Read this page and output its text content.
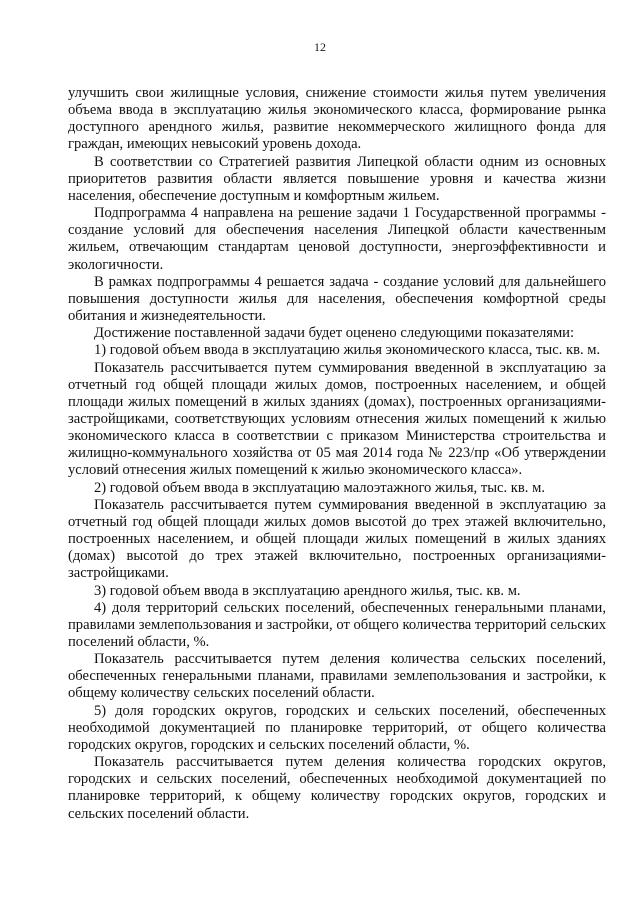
12

улучшить свои жилищные условия, снижение стоимости жилья путем увеличения объема ввода в эксплуатацию жилья экономического класса, формирование рынка доступного арендного жилья, развитие некоммерческого жилищного фонда для граждан, имеющих невысокий уровень дохода.

В соответствии со Стратегией развития Липецкой области одним из основных приоритетов развития области является повышение уровня и качества жизни населения, обеспечение доступным и комфортным жильем.

Подпрограмма 4 направлена на решение задачи 1 Государственной программы - создание условий для обеспечения населения Липецкой области качественным жильем, отвечающим стандартам ценовой доступности, энергоэффективности и экологичности.

В рамках подпрограммы 4 решается задача - создание условий для дальнейшего повышения доступности жилья для населения, обеспечения комфортной среды обитания и жизнедеятельности.

Достижение поставленной задачи будет оценено следующими показателями:

1) годовой объем ввода в эксплуатацию жилья экономического класса, тыс. кв. м.

Показатель рассчитывается путем суммирования введенной в эксплуатацию за отчетный год общей площади жилых домов, построенных населением, и общей площади жилых помещений в жилых зданиях (домах), построенных организациями-застройщиками, соответствующих условиям отнесения жилых помещений к жилью экономического класса в соответствии с приказом Министерства строительства и жилищно-коммунального хозяйства от 05 мая 2014 года № 223/пр «Об утверждении условий отнесения жилых помещений к жилью экономического класса».

2) годовой объем ввода в эксплуатацию малоэтажного жилья, тыс. кв. м.

Показатель рассчитывается путем суммирования введенной в эксплуатацию за отчетный год общей площади жилых домов высотой до трех этажей включительно, построенных населением, и общей площади жилых помещений в жилых зданиях (домах) высотой до трех этажей включительно, построенных организациями-застройщиками.

3) годовой объем ввода в эксплуатацию арендного жилья, тыс. кв. м.

4) доля территорий сельских поселений, обеспеченных генеральными планами, правилами землепользования и застройки, от общего количества территорий сельских поселений области, %.

Показатель рассчитывается путем деления количества сельских поселений, обеспеченных генеральными планами, правилами землепользования и застройки, к общему количеству сельских поселений области.

5) доля городских округов, городских и сельских поселений, обеспеченных необходимой документацией по планировке территорий, от общего количества городских округов, городских и сельских поселений области, %.

Показатель рассчитывается путем деления количества городских округов, городских и сельских поселений, обеспеченных необходимой документацией по планировке территорий, к общему количеству городских округов, городских и сельских поселений области.
